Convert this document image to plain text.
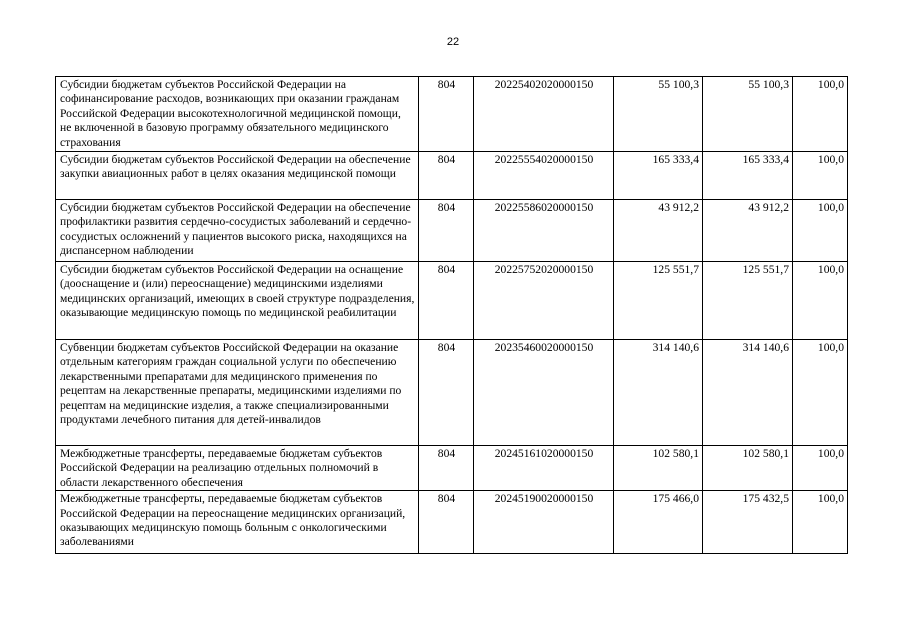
22
Субсидии бюджетам субъектов Российской Федерации на софинансирование расходов, возникающих при оказании гражданам Российской Федерации высокотехнологичной медицинской помощи, не включенной в базовую программу обязательного медицинского страхования	804	20225402020000150	55 100,3	55 100,3	100,0
Субсидии бюджетам субъектов Российской Федерации на обеспечение закупки авиационных работ в целях оказания медицинской помощи	804	20225554020000150	165 333,4	165 333,4	100,0
Субсидии бюджетам субъектов Российской Федерации на обеспечение профилактики развития сердечно-сосудистых заболеваний и сердечно-сосудистых осложнений у пациентов высокого риска, находящихся на диспансерном наблюдении	804	20225586020000150	43 912,2	43 912,2	100,0
Субсидии бюджетам субъектов Российской Федерации на оснащение (дооснащение и (или) переоснащение) медицинскими изделиями медицинских организаций, имеющих в своей структуре подразделения, оказывающие медицинскую помощь по медицинской реабилитации	804	20225752020000150	125 551,7	125 551,7	100,0
Субвенции бюджетам субъектов Российской Федерации на оказание отдельным категориям граждан социальной услуги по обеспечению лекарственными препаратами для медицинского применения по рецептам на лекарственные препараты, медицинскими изделиями по рецептам на медицинские изделия, а также специализированными продуктами лечебного питания для детей-инвалидов	804	20235460020000150	314 140,6	314 140,6	100,0
Межбюджетные трансферты, передаваемые бюджетам субъектов Российской Федерации на реализацию отдельных полномочий в области лекарственного обеспечения	804	20245161020000150	102 580,1	102 580,1	100,0
Межбюджетные трансферты, передаваемые бюджетам субъектов Российской Федерации на переоснащение медицинских организаций, оказывающих медицинскую помощь больным с онкологическими заболеваниями	804	20245190020000150	175 466,0	175 432,5	100,0
